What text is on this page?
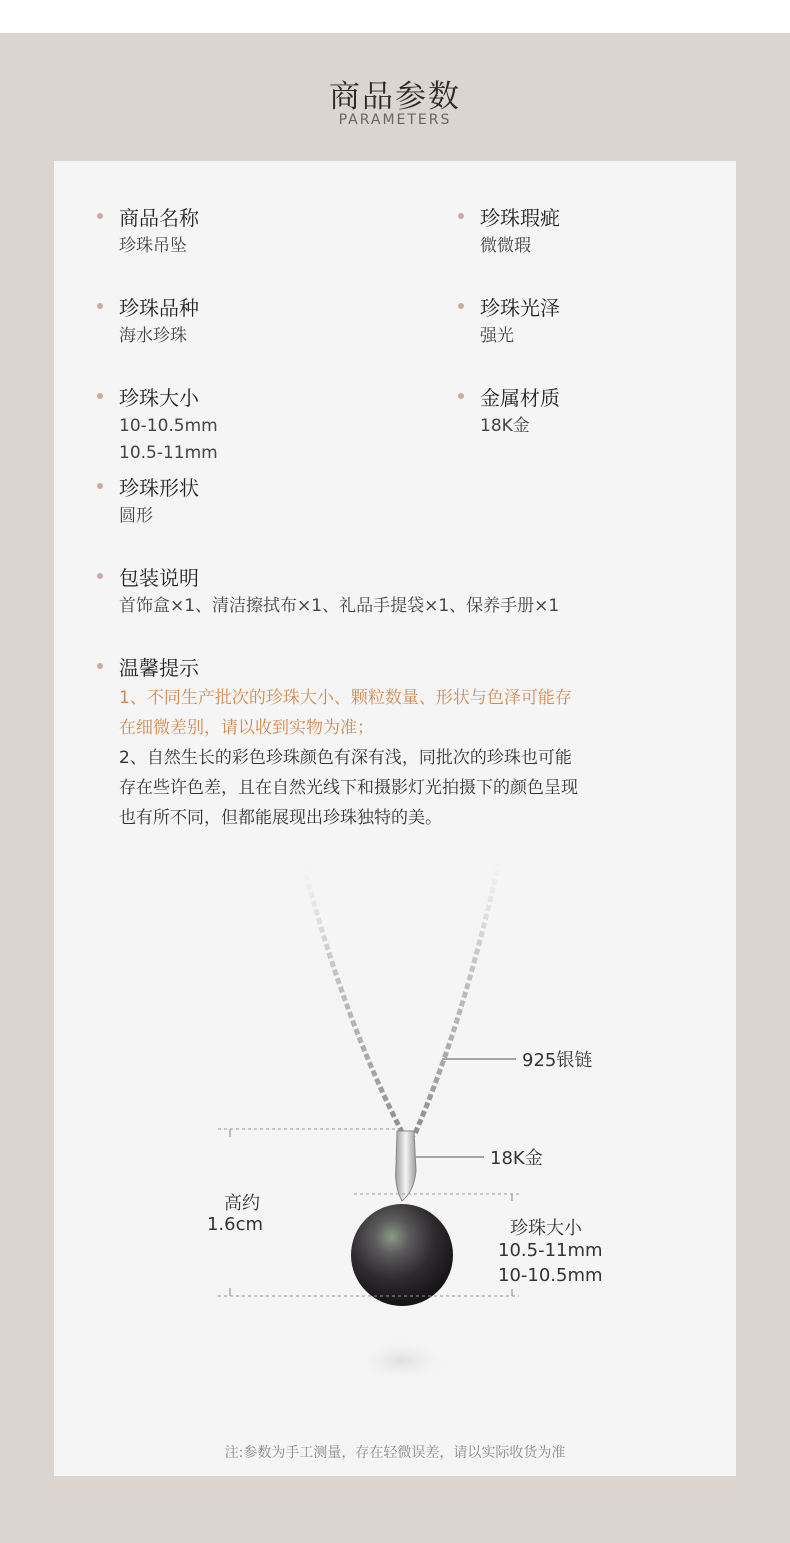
商品参数
PARAMETERS
商品名称
珍珠吊坠
珍珠品种
海水珍珠
珍珠大小
10-10.5mm
10.5-11mm
珍珠形状
圆形
珍珠瑕疵
微微瑕
珍珠光泽
强光
金属材质
18K金
包装说明
首饰盒×1、清洁擦拭布×1、礼品手提袋×1、保养手册×1
温馨提示

1、不同生产批次的珍珠大小、颗粒数量、形状与色泽可能存

在细微差别，请以收到实物为准；

2、自然生长的彩色珍珠颜色有深有浅，同批次的珍珠也可能

存在些许色差，且在自然光线下和摄影灯光拍摄下的颜色呈现

也有所不同，但都能展现出珍珠独特的美。

925银链
18K金
高约
1.6cm	珍珠大小
10.5-11mm
10-10.5mm
注:参数为手工测量，存在轻微误差，请以实际收货为准
